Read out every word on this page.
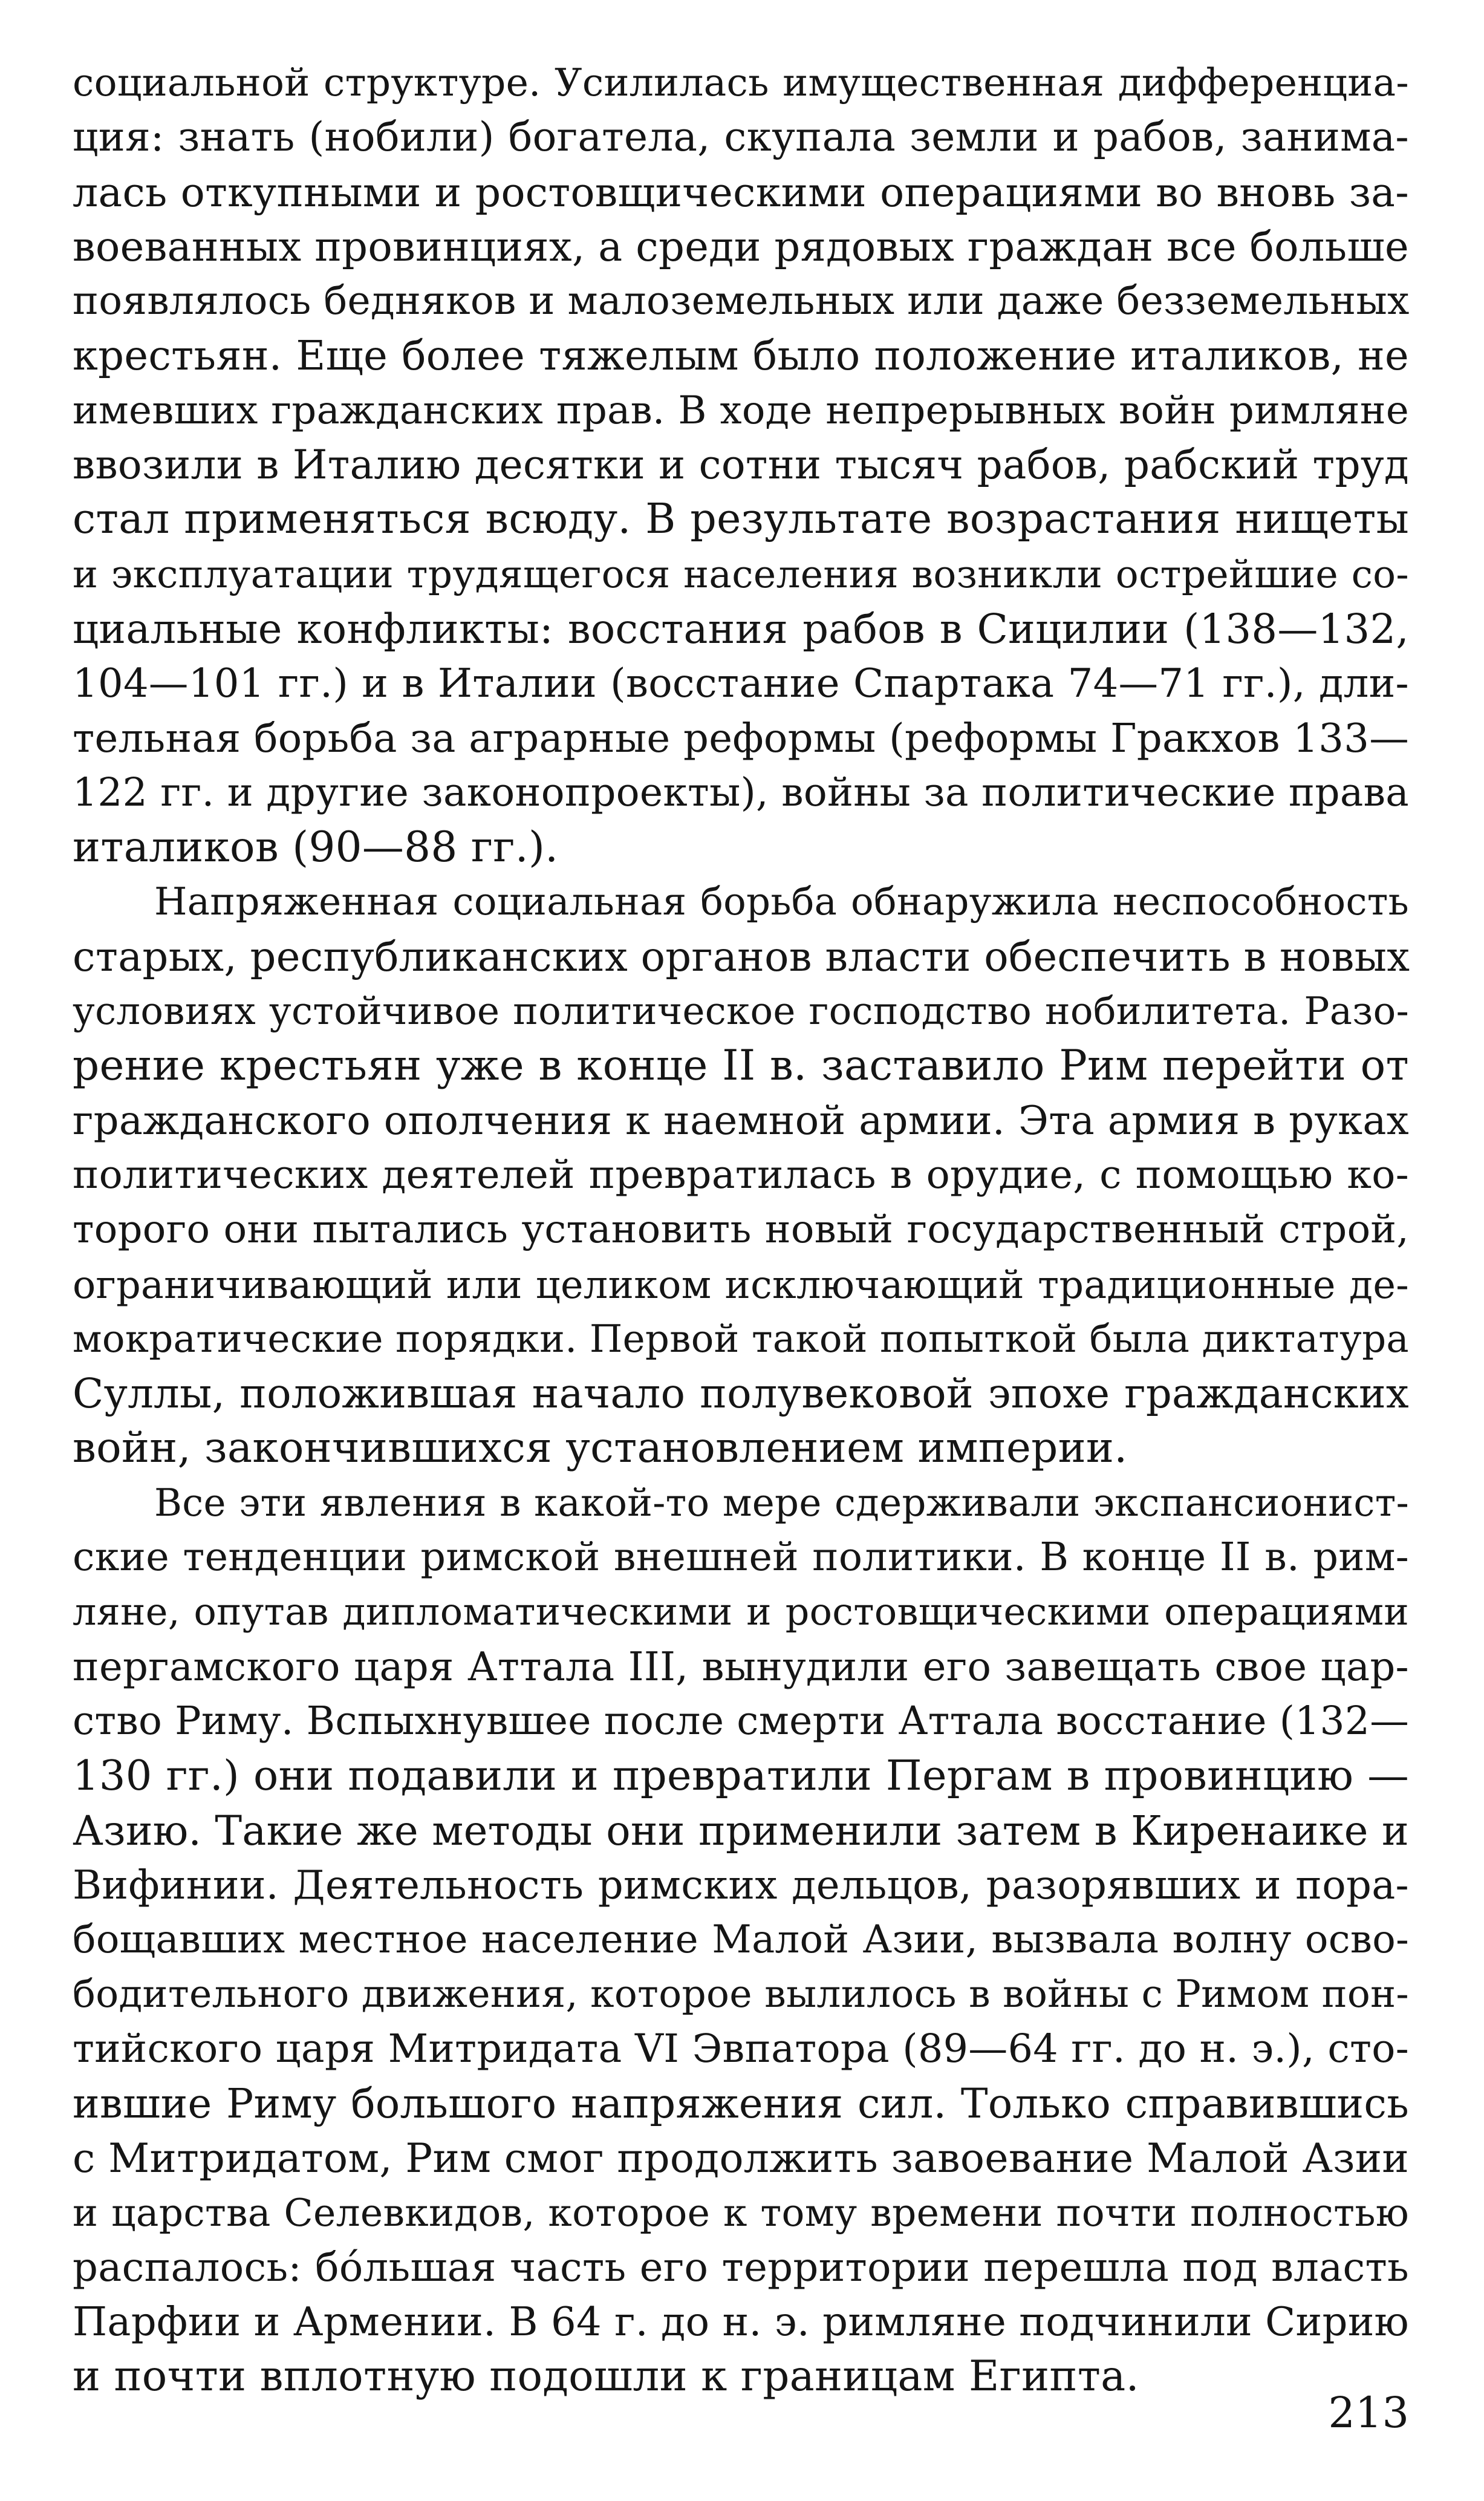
социальной структуре. Усилилась имущественная дифференциа-
ция: знать (нобили) богатела, скупала земли и рабов, занима-
лась откупными и ростовщическими операциями во вновь за-
воеванных провинциях, а среди рядовых граждан все больше
появлялось бедняков и малоземельных или даже безземельных
крестьян. Еще более тяжелым было положение италиков, не
имевших гражданских прав. В ходе непрерывных войн римляне
ввозили в Италию десятки и сотни тысяч рабов, рабский труд
стал применяться всюду. В результате возрастания нищеты
и эксплуатации трудящегося населения возникли острейшие со-
циальные конфликты: восстания рабов в Сицилии (138—132,
104—101 гг.) и в Италии (восстание Спартака 74—71 гг.), дли-
тельная борьба за аграрные реформы (реформы Гракхов 133—
122 гг. и другие законопроекты), войны за политические права
италиков (90—88 гг.).
Напряженная социальная борьба обнаружила неспособность
старых, республиканских органов власти обеспечить в новых
условиях устойчивое политическое господство нобилитета. Разо-
рение крестьян уже в конце II в. заставило Рим перейти от
гражданского ополчения к наемной армии. Эта армия в руках
политических деятелей превратилась в орудие, с помощью ко-
торого они пытались установить новый государственный строй,
ограничивающий или целиком исключающий традиционные де-
мократические порядки. Первой такой попыткой была диктатура
Суллы, положившая начало полувековой эпохе гражданских
войн, закончившихся установлением империи.
Все эти явления в какой-то мере сдерживали экспансионист-
ские тенденции римской внешней политики. В конце II в. рим-
ляне, опутав дипломатическими и ростовщическими операциями
пергамского царя Аттала III, вынудили его завещать свое цар-
ство Риму. Вспыхнувшее после смерти Аттала восстание (132—
130 гг.) они подавили и превратили Пергам в провинцию —
Азию. Такие же методы они применили затем в Киренаике и
Вифинии. Деятельность римских дельцов, разорявших и пора-
бощавших местное население Малой Азии, вызвала волну осво-
бодительного движения, которое вылилось в войны с Римом пон-
тийского царя Митридата VI Эвпатора (89—64 гг. до н. э.), сто-
ившие Риму большого напряжения сил. Только справившись
с Митридатом, Рим смог продолжить завоевание Малой Азии
и царства Селевкидов, которое к тому времени почти полностью
распалось: бо́льшая часть его территории перешла под власть
Парфии и Армении. В 64 г. до н. э. римляне подчинили Сирию
и почти вплотную подошли к границам Египта.
213
